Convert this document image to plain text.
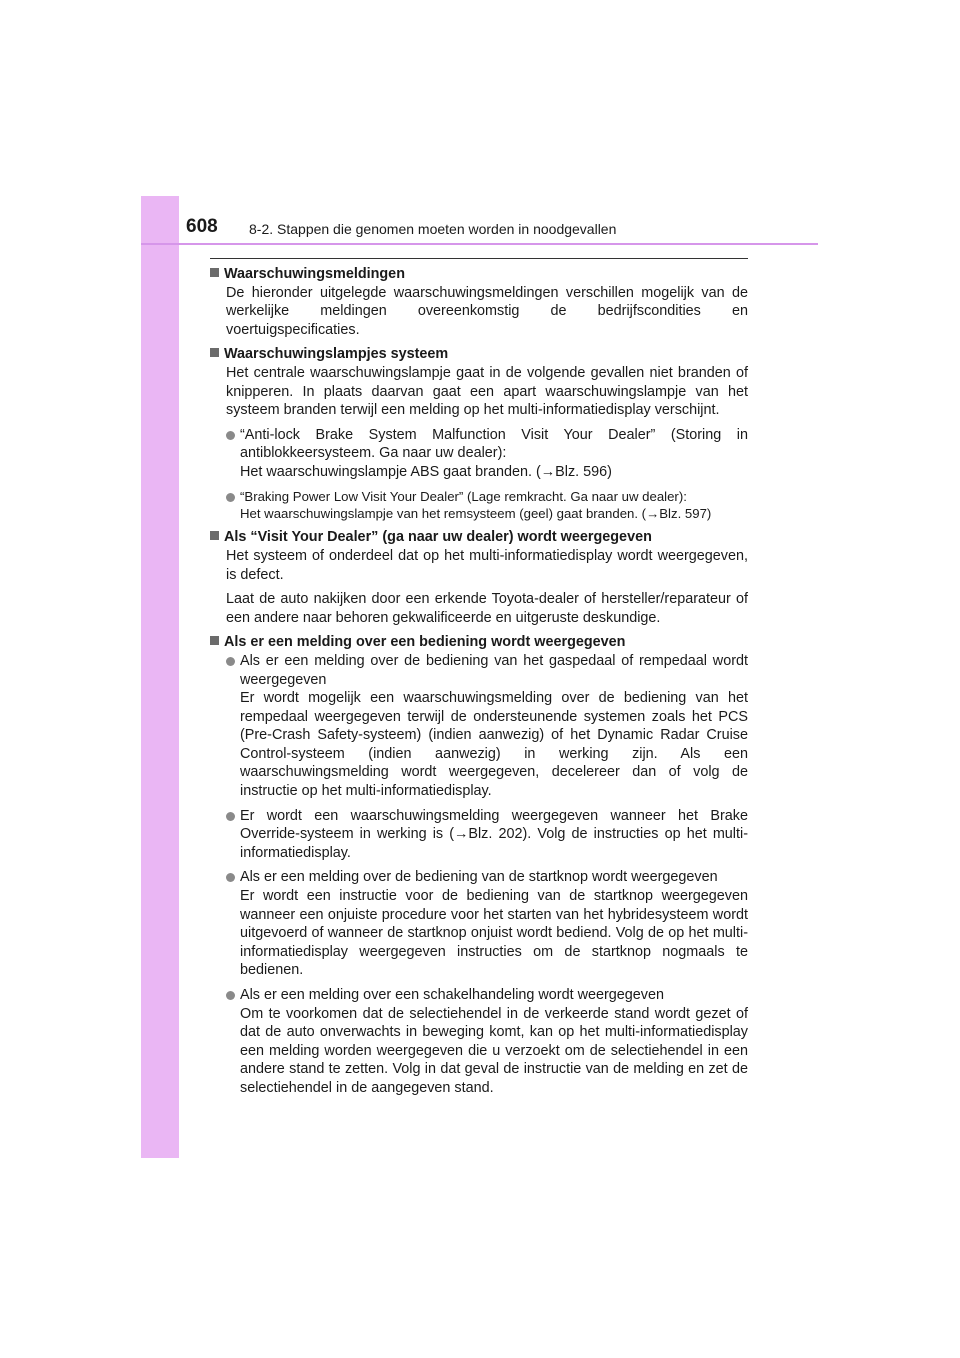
608 8-2. Stappen die genomen moeten worden in noodgevallen
Waarschuwingsmeldingen
De hieronder uitgelegde waarschuwingsmeldingen verschillen mogelijk van de werkelijke meldingen overeenkomstig de bedrijfscondities en voertuigspecificaties.
Waarschuwingslampjes systeem
Het centrale waarschuwingslampje gaat in de volgende gevallen niet branden of knipperen. In plaats daarvan gaat een apart waarschuwingslampje van het systeem branden terwijl een melding op het multi-informatiedisplay verschijnt.
“Anti-lock Brake System Malfunction Visit Your Dealer” (Storing in antiblokkeersysteem. Ga naar uw dealer):
Het waarschuwingslampje ABS gaat branden. (→Blz. 596)
“Braking Power Low Visit Your Dealer” (Lage remkracht. Ga naar uw dealer):
Het waarschuwingslampje van het remsysteem (geel) gaat branden. (→Blz. 597)
Als “Visit Your Dealer” (ga naar uw dealer) wordt weergegeven
Het systeem of onderdeel dat op het multi-informatiedisplay wordt weergegeven, is defect.
Laat de auto nakijken door een erkende Toyota-dealer of hersteller/reparateur of een andere naar behoren gekwalificeerde en uitgeruste deskundige.
Als er een melding over een bediening wordt weergegeven
Als er een melding over de bediening van het gaspedaal of rempedaal wordt weergegeven
Er wordt mogelijk een waarschuwingsmelding over de bediening van het rempedaal weergegeven terwijl de ondersteunende systemen zoals het PCS (Pre-Crash Safety-systeem) (indien aanwezig) of het Dynamic Radar Cruise Control-systeem (indien aanwezig) in werking zijn. Als een waarschuwingsmelding wordt weergegeven, decelereer dan of volg de instructie op het multi-informatiedisplay.
Er wordt een waarschuwingsmelding weergegeven wanneer het Brake Override-systeem in werking is (→Blz. 202). Volg de instructies op het multi-informatiedisplay.
Als er een melding over de bediening van de startknop wordt weergegeven
Er wordt een instructie voor de bediening van de startknop weergegeven wanneer een onjuiste procedure voor het starten van het hybridesysteem wordt uitgevoerd of wanneer de startknop onjuist wordt bediend. Volg de op het multi-informatiedisplay weergegeven instructies om de startknop nogmaals te bedienen.
Als er een melding over een schakelhandeling wordt weergegeven
Om te voorkomen dat de selectiehendel in de verkeerde stand wordt gezet of dat de auto onverwachts in beweging komt, kan op het multi-informatiedisplay een melding worden weergegeven die u verzoekt om de selectiehendel in een andere stand te zetten. Volg in dat geval de instructie van de melding en zet de selectiehendel in de aangegeven stand.
